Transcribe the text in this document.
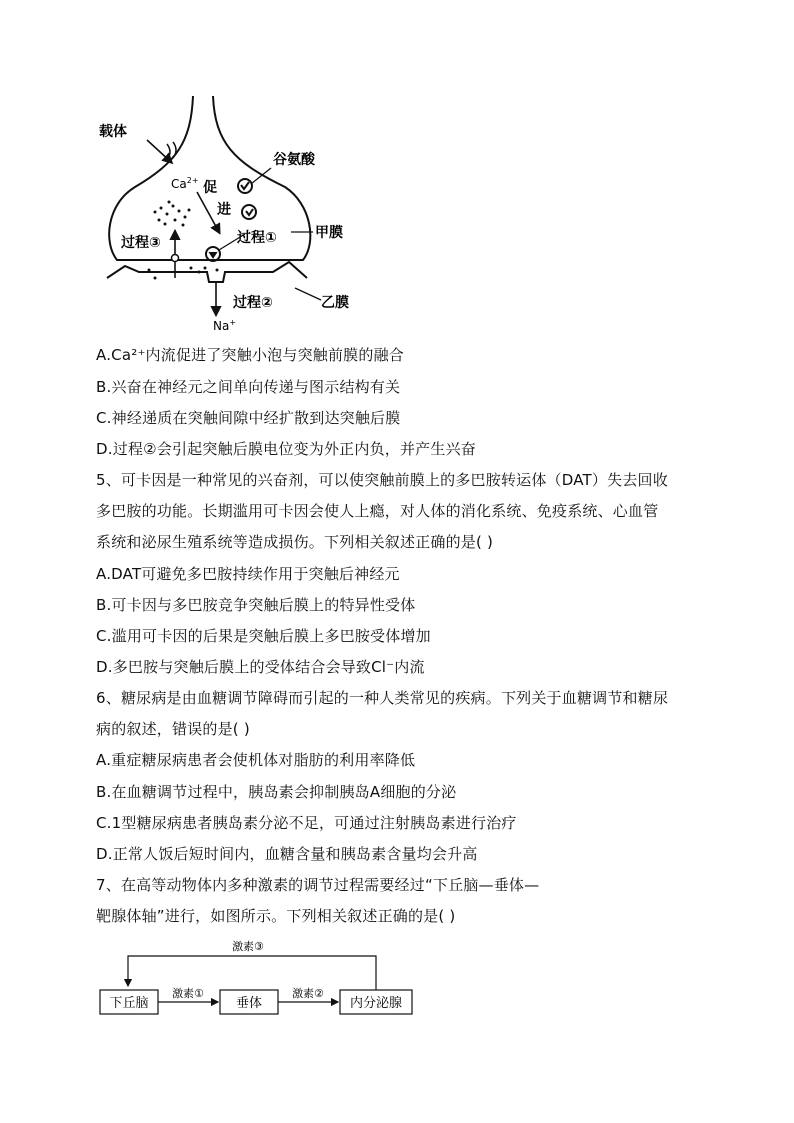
载体
$Ca^{2+}$
谷氨酸
促
进
过程①
过程③
甲膜
过程②	乙膜
Na+
A.Ca²⁺内流促进了突触小泡与突触前膜的融合
B.兴奋在神经元之间单向传递与图示结构有关
C.神经递质在突触间隙中经扩散到达突触后膜
D.过程②会引起突触后膜电位变为外正内负，并产生兴奋
5、可卡因是一种常见的兴奋剂，可以使突触前膜上的多巴胺转运体（DAT）失去回收
多巴胺的功能。长期滥用可卡因会使人上瘾，对人体的消化系统、免疫系统、心血管
系统和泌尿生殖系统等造成损伤。下列相关叙述正确的是( )
A.DAT可避免多巴胺持续作用于突触后神经元
B.可卡因与多巴胺竞争突触后膜上的特异性受体
C.滥用可卡因的后果是突触后膜上多巴胺受体增加
D.多巴胺与突触后膜上的受体结合会导致Cl⁻内流
6、糖尿病是由血糖调节障碍而引起的一种人类常见的疾病。下列关于血糖调节和糖尿
病的叙述，错误的是( )
A.重症糖尿病患者会使机体对脂肪的利用率降低
B.在血糖调节过程中，胰岛素会抑制胰岛A细胞的分泌
C.1型糖尿病患者胰岛素分泌不足，可通过注射胰岛素进行治疗
D.正常人饭后短时间内，血糖含量和胰岛素含量均会升高
7、在高等动物体内多种激素的调节过程需要经过“下丘脑—垂体—
靶腺体轴”进行，如图所示。下列相关叙述正确的是( )
下丘脑	垂体	内分泌腺
激素①	激素②
激素③
